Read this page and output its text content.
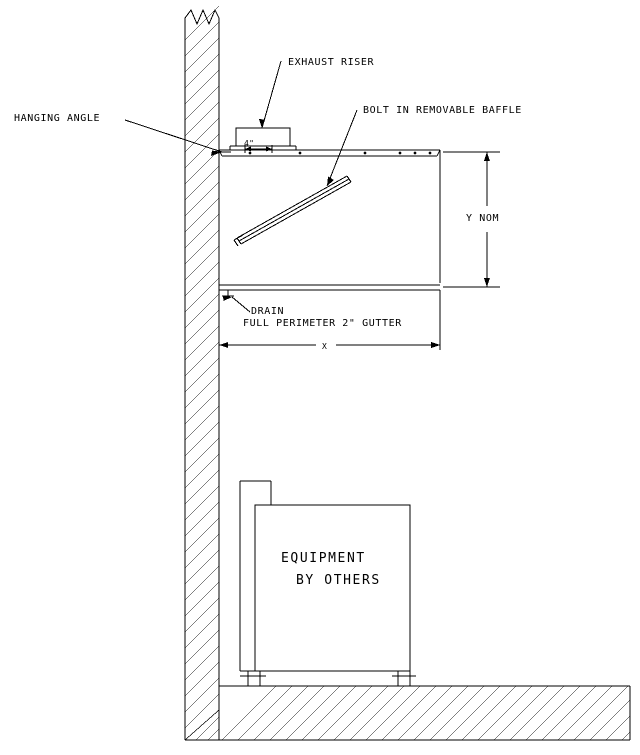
HANGING ANGLE
EXHAUST RISER
BOLT IN REMOVABLE BAFFLE
4"
Y NOM
X
DRAIN
FULL PERIMETER 2" GUTTER
EQUIPMENT
BY OTHERS
